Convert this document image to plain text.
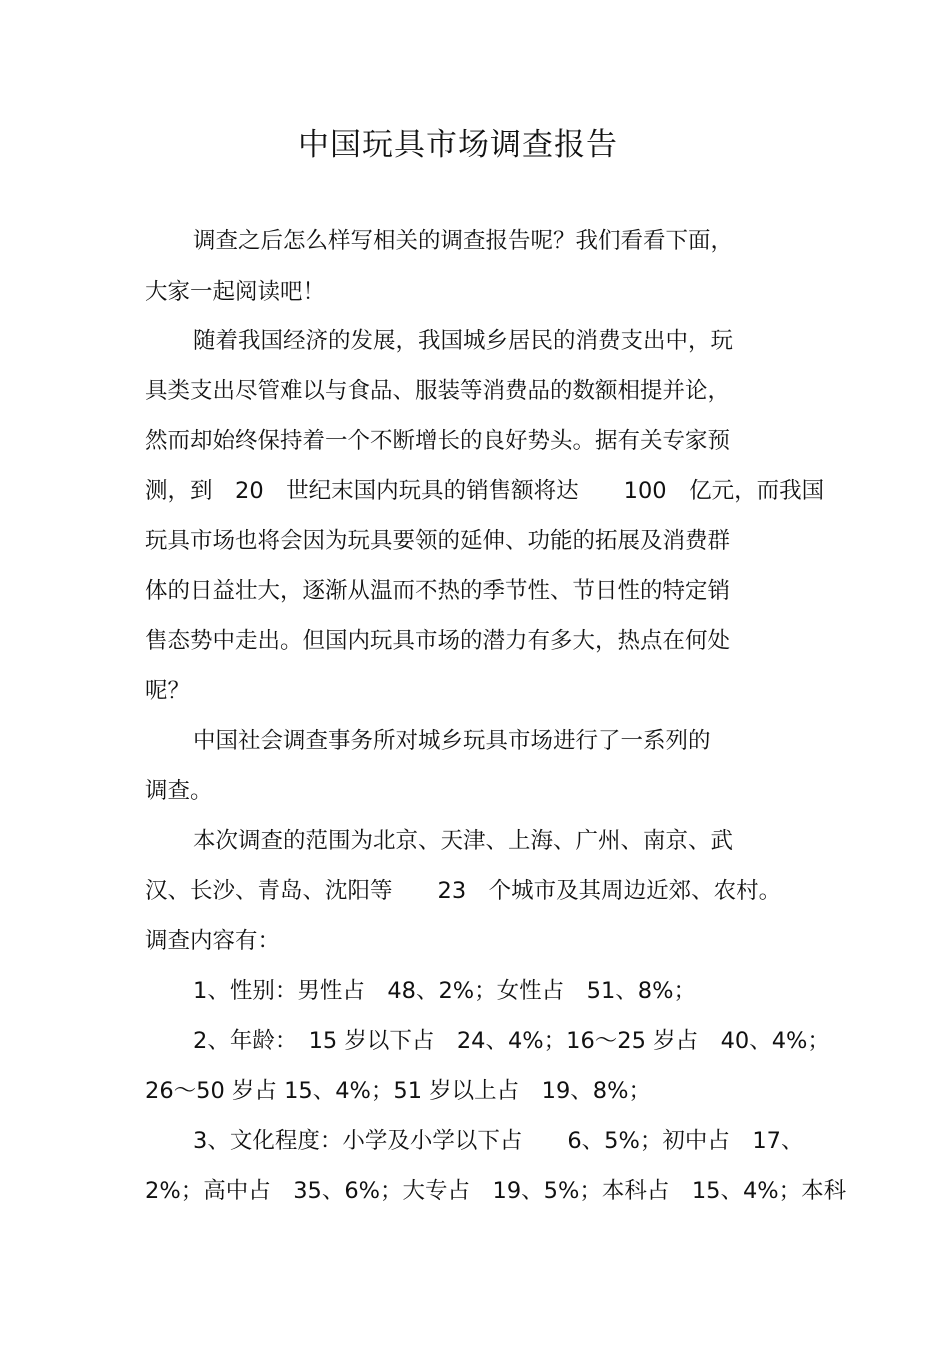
中国玩具市场调查报告
调查之后怎么样写相关的调查报告呢？我们看看下面，
大家一起阅读吧！
随着我国经济的发展，我国城乡居民的消费支出中，玩
具类支出尽管难以与食品、服装等消费品的数额相提并论，
然而却始终保持着一个不断增长的良好势头。据有关专家预
测，到　20　世纪末国内玩具的销售额将达　　100　亿元，而我国
玩具市场也将会因为玩具要领的延伸、功能的拓展及消费群
体的日益壮大，逐渐从温而不热的季节性、节日性的特定销
售态势中走出。但国内玩具市场的潜力有多大，热点在何处
呢？
中国社会调查事务所对城乡玩具市场进行了一系列的
调查。
本次调查的范围为北京、天津、上海、广州、南京、武
汉、长沙、青岛、沈阳等　　23　个城市及其周边近郊、农村。
调查内容有：
1、性别：男性占　48、2%；女性占　51、8%；
2、年龄：　15 岁以下占　24、4%；16～25 岁占　40、4%；
26～50 岁占 15、4%；51 岁以上占　19、8%；
3、文化程度：小学及小学以下占　　6、5%；初中占　17、
2%；高中占　35、6%；大专占　19、5%；本科占　15、4%；本科
